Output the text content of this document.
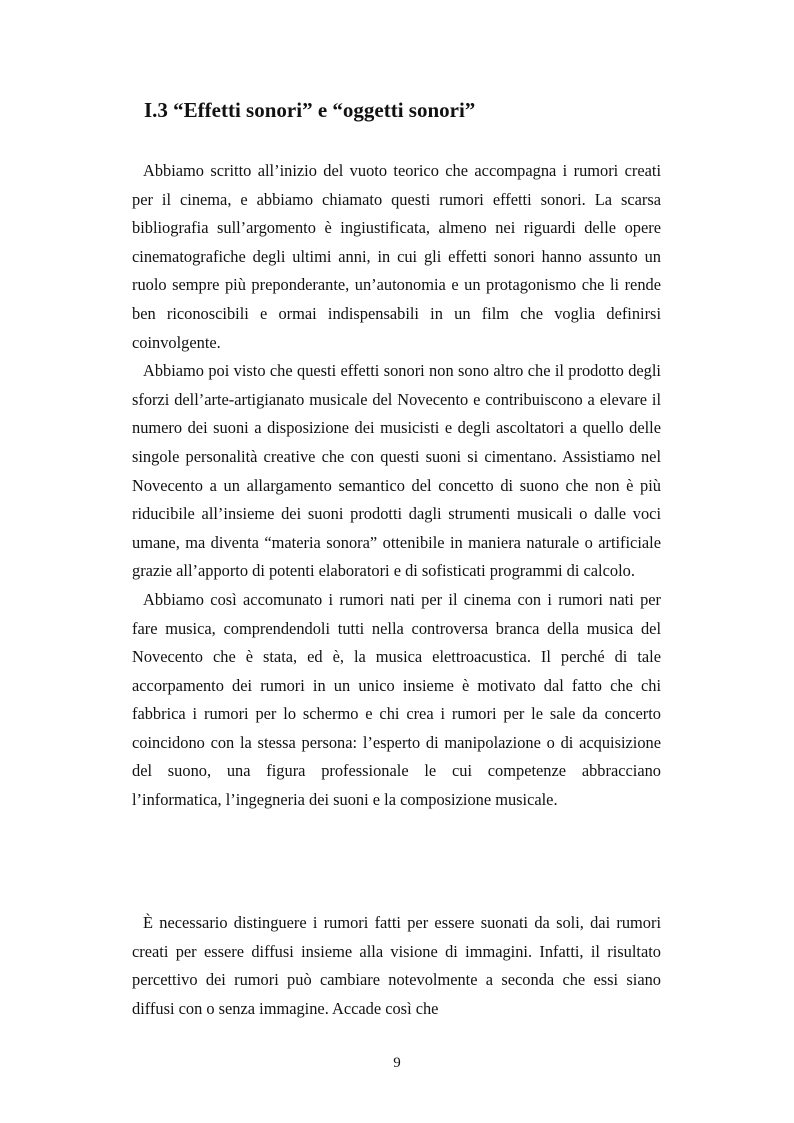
I.3 “Effetti sonori” e “oggetti sonori”

Abbiamo scritto all’inizio del vuoto teorico che accompagna i rumori creati per il cinema, e abbiamo chiamato questi rumori effetti sonori. La scarsa bibliografia sull’argomento è ingiustificata, almeno nei riguardi delle opere cinematografiche degli ultimi anni, in cui gli effetti sonori hanno assunto un ruolo sempre più preponderante, un’autonomia e un protagonismo che li rende ben riconoscibili e ormai indispensabili in un film che voglia definirsi coinvolgente.

Abbiamo poi visto che questi effetti sonori non sono altro che il prodotto degli sforzi dell’arte-artigianato musicale del Novecento e contribuiscono a elevare il numero dei suoni a disposizione dei musicisti e degli ascoltatori a quello delle singole personalità creative che con questi suoni si cimentano. Assistiamo nel Novecento a un allargamento semantico del concetto di suono che non è più riducibile all’insieme dei suoni prodotti dagli strumenti musicali o dalle voci umane, ma diventa “materia sonora” ottenibile in maniera naturale o artificiale grazie all’apporto di potenti elaboratori e di sofisticati programmi di calcolo.

Abbiamo così accomunato i rumori nati per il cinema con i rumori nati per fare musica, comprendendoli tutti nella controversa branca della musica del Novecento che è stata, ed è, la musica elettroacustica. Il perché di tale accorpamento dei rumori in un unico insieme è motivato dal fatto che chi fabbrica i rumori per lo schermo e chi crea i rumori per le sale da concerto coincidono con la stessa persona: l’esperto di manipolazione o di acquisizione del suono, una figura professionale le cui competenze abbracciano l’informatica, l’ingegneria dei suoni e la composizione musicale.

È necessario distinguere i rumori fatti per essere suonati da soli, dai rumori creati per essere diffusi insieme alla visione di immagini. Infatti, il risultato percettivo dei rumori può cambiare notevolmente a seconda che essi siano diffusi con o senza immagine. Accade così che

9
